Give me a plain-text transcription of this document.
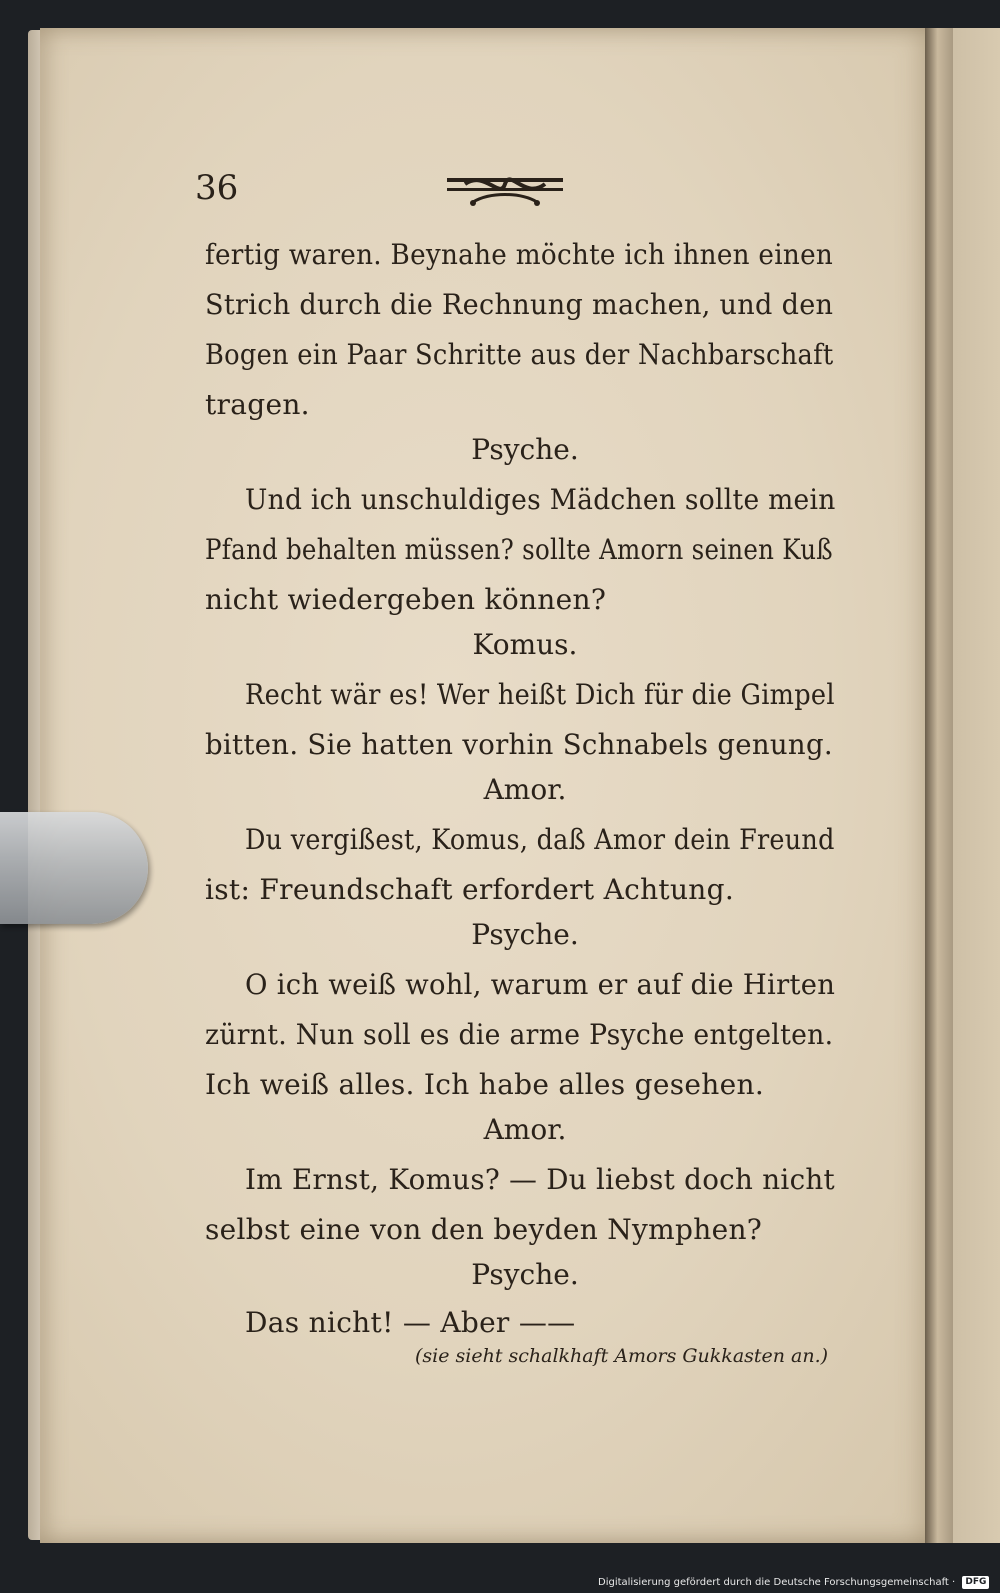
36
fertig waren. Beynahe möchte ich ihnen einen
Strich durch die Rechnung machen, und den
Bogen ein Paar Schritte aus der Nachbarschaft
tragen.
Psyche.
Und ich unschuldiges Mädchen sollte mein
Pfand behalten müssen? sollte Amorn seinen Kuß
nicht wiedergeben können?
Komus.
Recht wär es! Wer heißt Dich für die Gimpel
bitten. Sie hatten vorhin Schnabels genung.
Amor.
Du vergißest, Komus, daß Amor dein Freund
ist: Freundschaft erfordert Achtung.
Psyche.
O ich weiß wohl, warum er auf die Hirten
zürnt. Nun soll es die arme Psyche entgelten.
Ich weiß alles. Ich habe alles gesehen.
Amor.
Im Ernst, Komus? — Du liebst doch nicht
selbst eine von den beyden Nymphen?
Psyche.
Das nicht! — Aber ——
(sie sieht schalkhaft Amors Gukkasten an.)
Digitalisierung gefördert durch die Deutsche Forschungsgemeinschaft · DFG
